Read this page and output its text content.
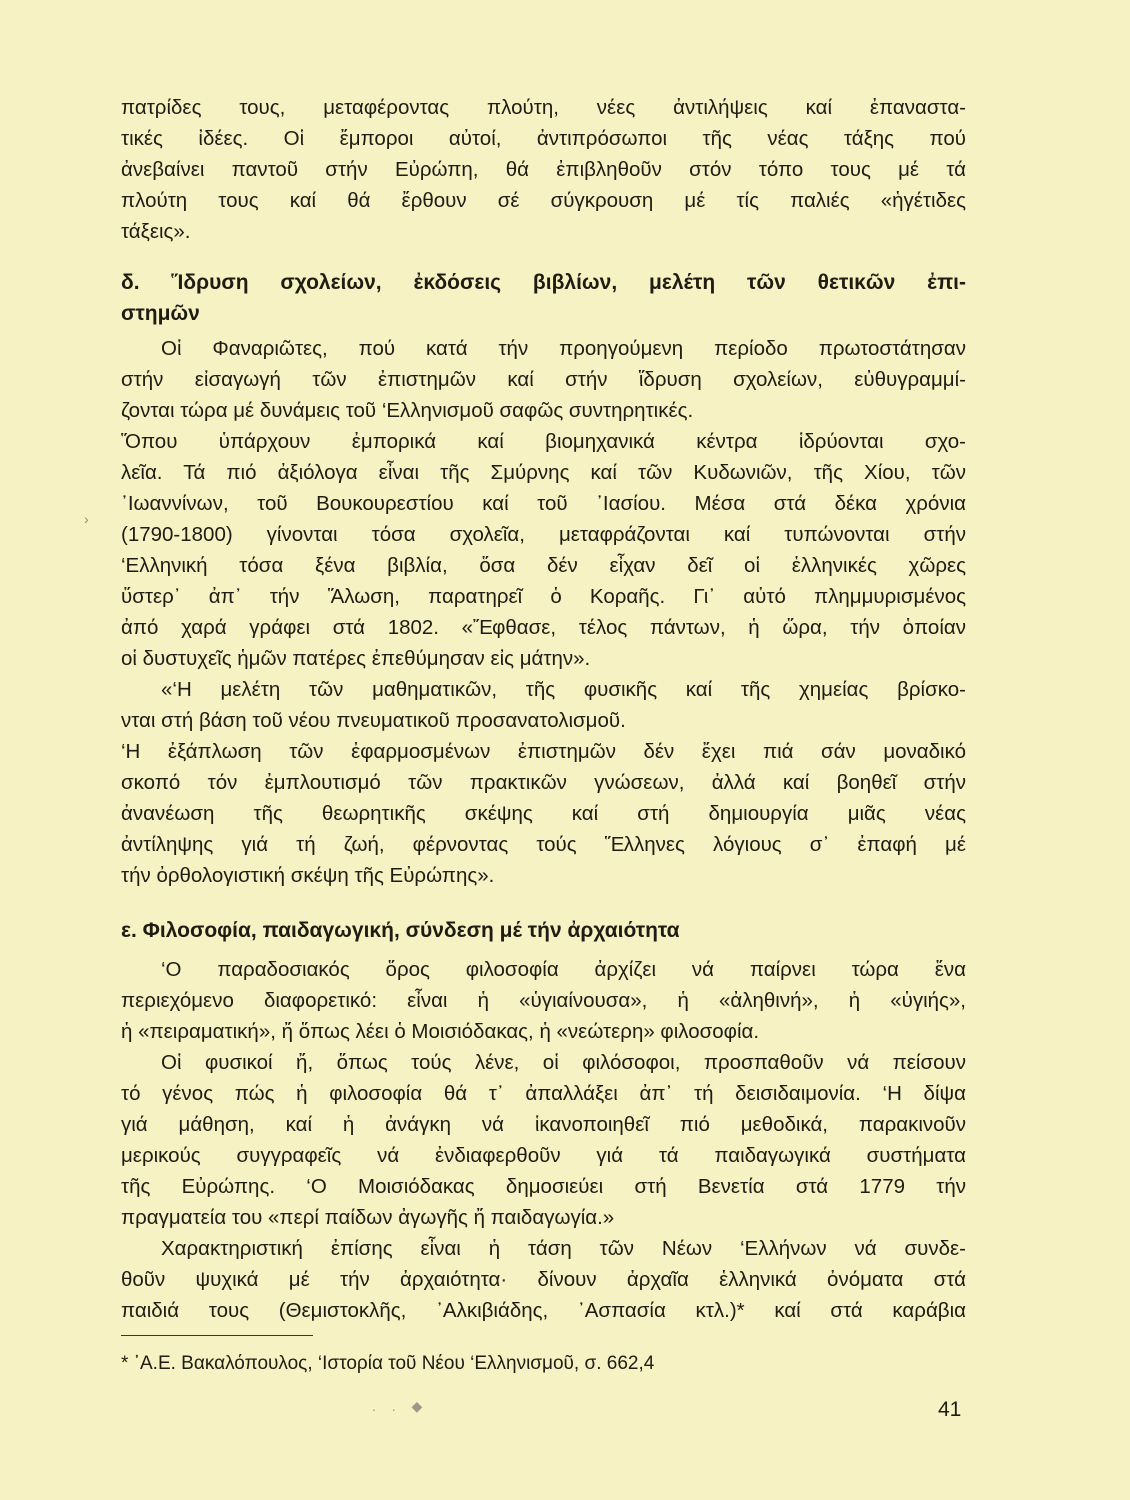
›
πατρίδες τους, μεταφέροντας πλούτη, νέες ἀντιλήψεις καί ἐπαναστα-
τικές ἰδέες. Οἱ ἔμποροι αὐτοί, ἀντιπρόσωποι τῆς νέας τάξης πού
ἀνεβαίνει παντοῦ στήν Εὐρώπη, θά ἐπιβληθοῦν στόν τόπο τους μέ τά
πλούτη τους καί θά ἔρθουν σέ σύγκρουση μέ τίς παλιές «ἡγέτιδες
τάξεις».
δ. Ἵδρυση σχολείων, ἐκδόσεις βιβλίων, μελέτη τῶν θετικῶν ἐπι-
στημῶν
Οἱ Φαναριῶτες, πού κατά τήν προηγούμενη περίοδο πρωτοστάτησαν
στήν εἰσαγωγή τῶν ἐπιστημῶν καί στήν ἵδρυση σχολείων, εὐθυγραμμί-
ζονται τώρα μέ δυνάμεις τοῦ ‘Ελληνισμοῦ σαφῶς συντηρητικές.
Ὅπου ὑπάρχουν ἐμπορικά καί βιομηχανικά κέντρα ἱδρύονται σχο-
λεῖα. Τά πιό ἀξιόλογα εἶναι τῆς Σμύρνης καί τῶν Κυδωνιῶν, τῆς Χίου, τῶν
᾽Ιωαννίνων, τοῦ Βουκουρεστίου καί τοῦ ᾽Ιασίου. Μέσα στά δέκα χρόνια
(1790-1800) γίνονται τόσα σχολεῖα, μεταφράζονται καί τυπώνονται στήν
‘Ελληνική τόσα ξένα βιβλία, ὅσα δέν εἶχαν δεῖ οἱ ἑλληνικές χῶρες
ὕστερ᾽ ἀπ᾽ τήν Ἅλωση, παρατηρεῖ ὁ Κοραῆς. Γι᾽ αὐτό πλημμυρισμένος
ἀπό χαρά γράφει στά 1802. «Ἔφθασε, τέλος πάντων, ἡ ὥρα, τήν ὁποίαν
οἱ δυστυχεῖς ἡμῶν πατέρες ἐπεθύμησαν εἰς μάτην».
«‘Η μελέτη τῶν μαθηματικῶν, τῆς φυσικῆς καί τῆς χημείας βρίσκο-
νται στή βάση τοῦ νέου πνευματικοῦ προσανατολισμοῦ.
‘Η ἐξάπλωση τῶν ἐφαρμοσμένων ἐπιστημῶν δέν ἔχει πιά σάν μοναδικό
σκοπό τόν ἐμπλουτισμό τῶν πρακτικῶν γνώσεων, ἀλλά καί βοηθεῖ στήν
ἀνανέωση τῆς θεωρητικῆς σκέψης καί στή δημιουργία μιᾶς νέας
ἀντίληψης γιά τή ζωή, φέρνοντας τούς Ἕλληνες λόγιους σ᾽ ἐπαφή μέ
τήν ὀρθολογιστική σκέψη τῆς Εὐρώπης».
ε. Φιλοσοφία, παιδαγωγική, σύνδεση μέ τήν ἀρχαιότητα
‘Ο παραδοσιακός ὅρος φιλοσοφία ἀρχίζει νά παίρνει τώρα ἕνα
περιεχόμενο διαφορετικό: εἶναι ἡ «ὑγιαίνουσα», ἡ «ἀληθινή», ἡ «ὑγιής»,
ἡ «πειραματική», ἤ ὅπως λέει ὁ Μοισιόδακας, ἡ «νεώτερη» φιλοσοφία.
Οἱ φυσικοί ἤ, ὅπως τούς λένε, οἱ φιλόσοφοι, προσπαθοῦν νά πείσουν
τό γένος πώς ἡ φιλοσοφία θά τ᾽ ἀπαλλάξει ἀπ᾽ τή δεισιδαιμονία. ‘Η δίψα
γιά μάθηση, καί ἡ ἀνάγκη νά ἱκανοποιηθεῖ πιό μεθοδικά, παρακινοῦν
μερικούς συγγραφεῖς νά ἐνδιαφερθοῦν γιά τά παιδαγωγικά συστήματα
τῆς Εὐρώπης. ‘Ο Μοισιόδακας δημοσιεύει στή Βενετία στά 1779 τήν
πραγματεία του «περί παίδων ἀγωγῆς ἤ παιδαγωγία.»
Χαρακτηριστική ἐπίσης εἶναι ἡ τάση τῶν Νέων ‘Ελλήνων νά συνδε-
θοῦν ψυχικά μέ τήν ἀρχαιότητα· δίνουν ἀρχαῖα ἑλληνικά ὀνόματα στά
παιδιά τους (Θεμιστοκλῆς, ᾽Αλκιβιάδης, ᾽Ασπασία κτλ.)* καί στά καράβια
* ᾽Α.Ε. Βακαλόπουλος, ‘Ιστορία τοῦ Νέου ‘Ελληνισμοῦ, σ. 662,4
. . ◆	41
